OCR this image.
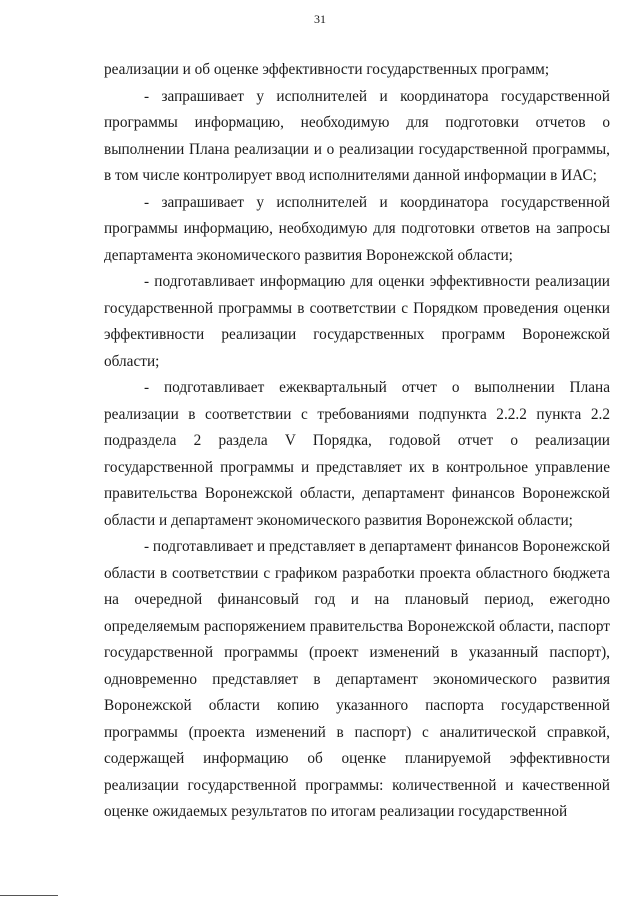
31

реализации и об оценке эффективности государственных программ;

- запрашивает у исполнителей и координатора государственной программы информацию, необходимую для подготовки отчетов о выполнении Плана реализации и о реализации государственной программы, в том числе контролирует ввод исполнителями данной информации в ИАС;

- запрашивает у исполнителей и координатора государственной программы информацию, необходимую для подготовки ответов на запросы департамента экономического развития Воронежской области;

- подготавливает информацию для оценки эффективности реализации государственной программы в соответствии с Порядком проведения оценки эффективности реализации государственных программ Воронежской области;

- подготавливает ежеквартальный отчет о выполнении Плана реализации в соответствии с требованиями подпункта 2.2.2 пункта 2.2 подраздела 2 раздела V Порядка, годовой отчет о реализации государственной программы и представляет их в контрольное управление правительства Воронежской области, департамент финансов Воронежской области и департамент экономического развития Воронежской области;

- подготавливает и представляет в департамент финансов Воронежской области в соответствии с графиком разработки проекта областного бюджета на очередной финансовый год и на плановый период, ежегодно определяемым распоряжением правительства Воронежской области, паспорт государственной программы (проект изменений в указанный паспорт), одновременно представляет в департамент экономического развития Воронежской области копию указанного паспорта государственной программы (проекта изменений в паспорт) с аналитической справкой, содержащей информацию об оценке планируемой эффективности реализации государственной программы: количественной и качественной оценке ожидаемых результатов по итогам реализации государственной
